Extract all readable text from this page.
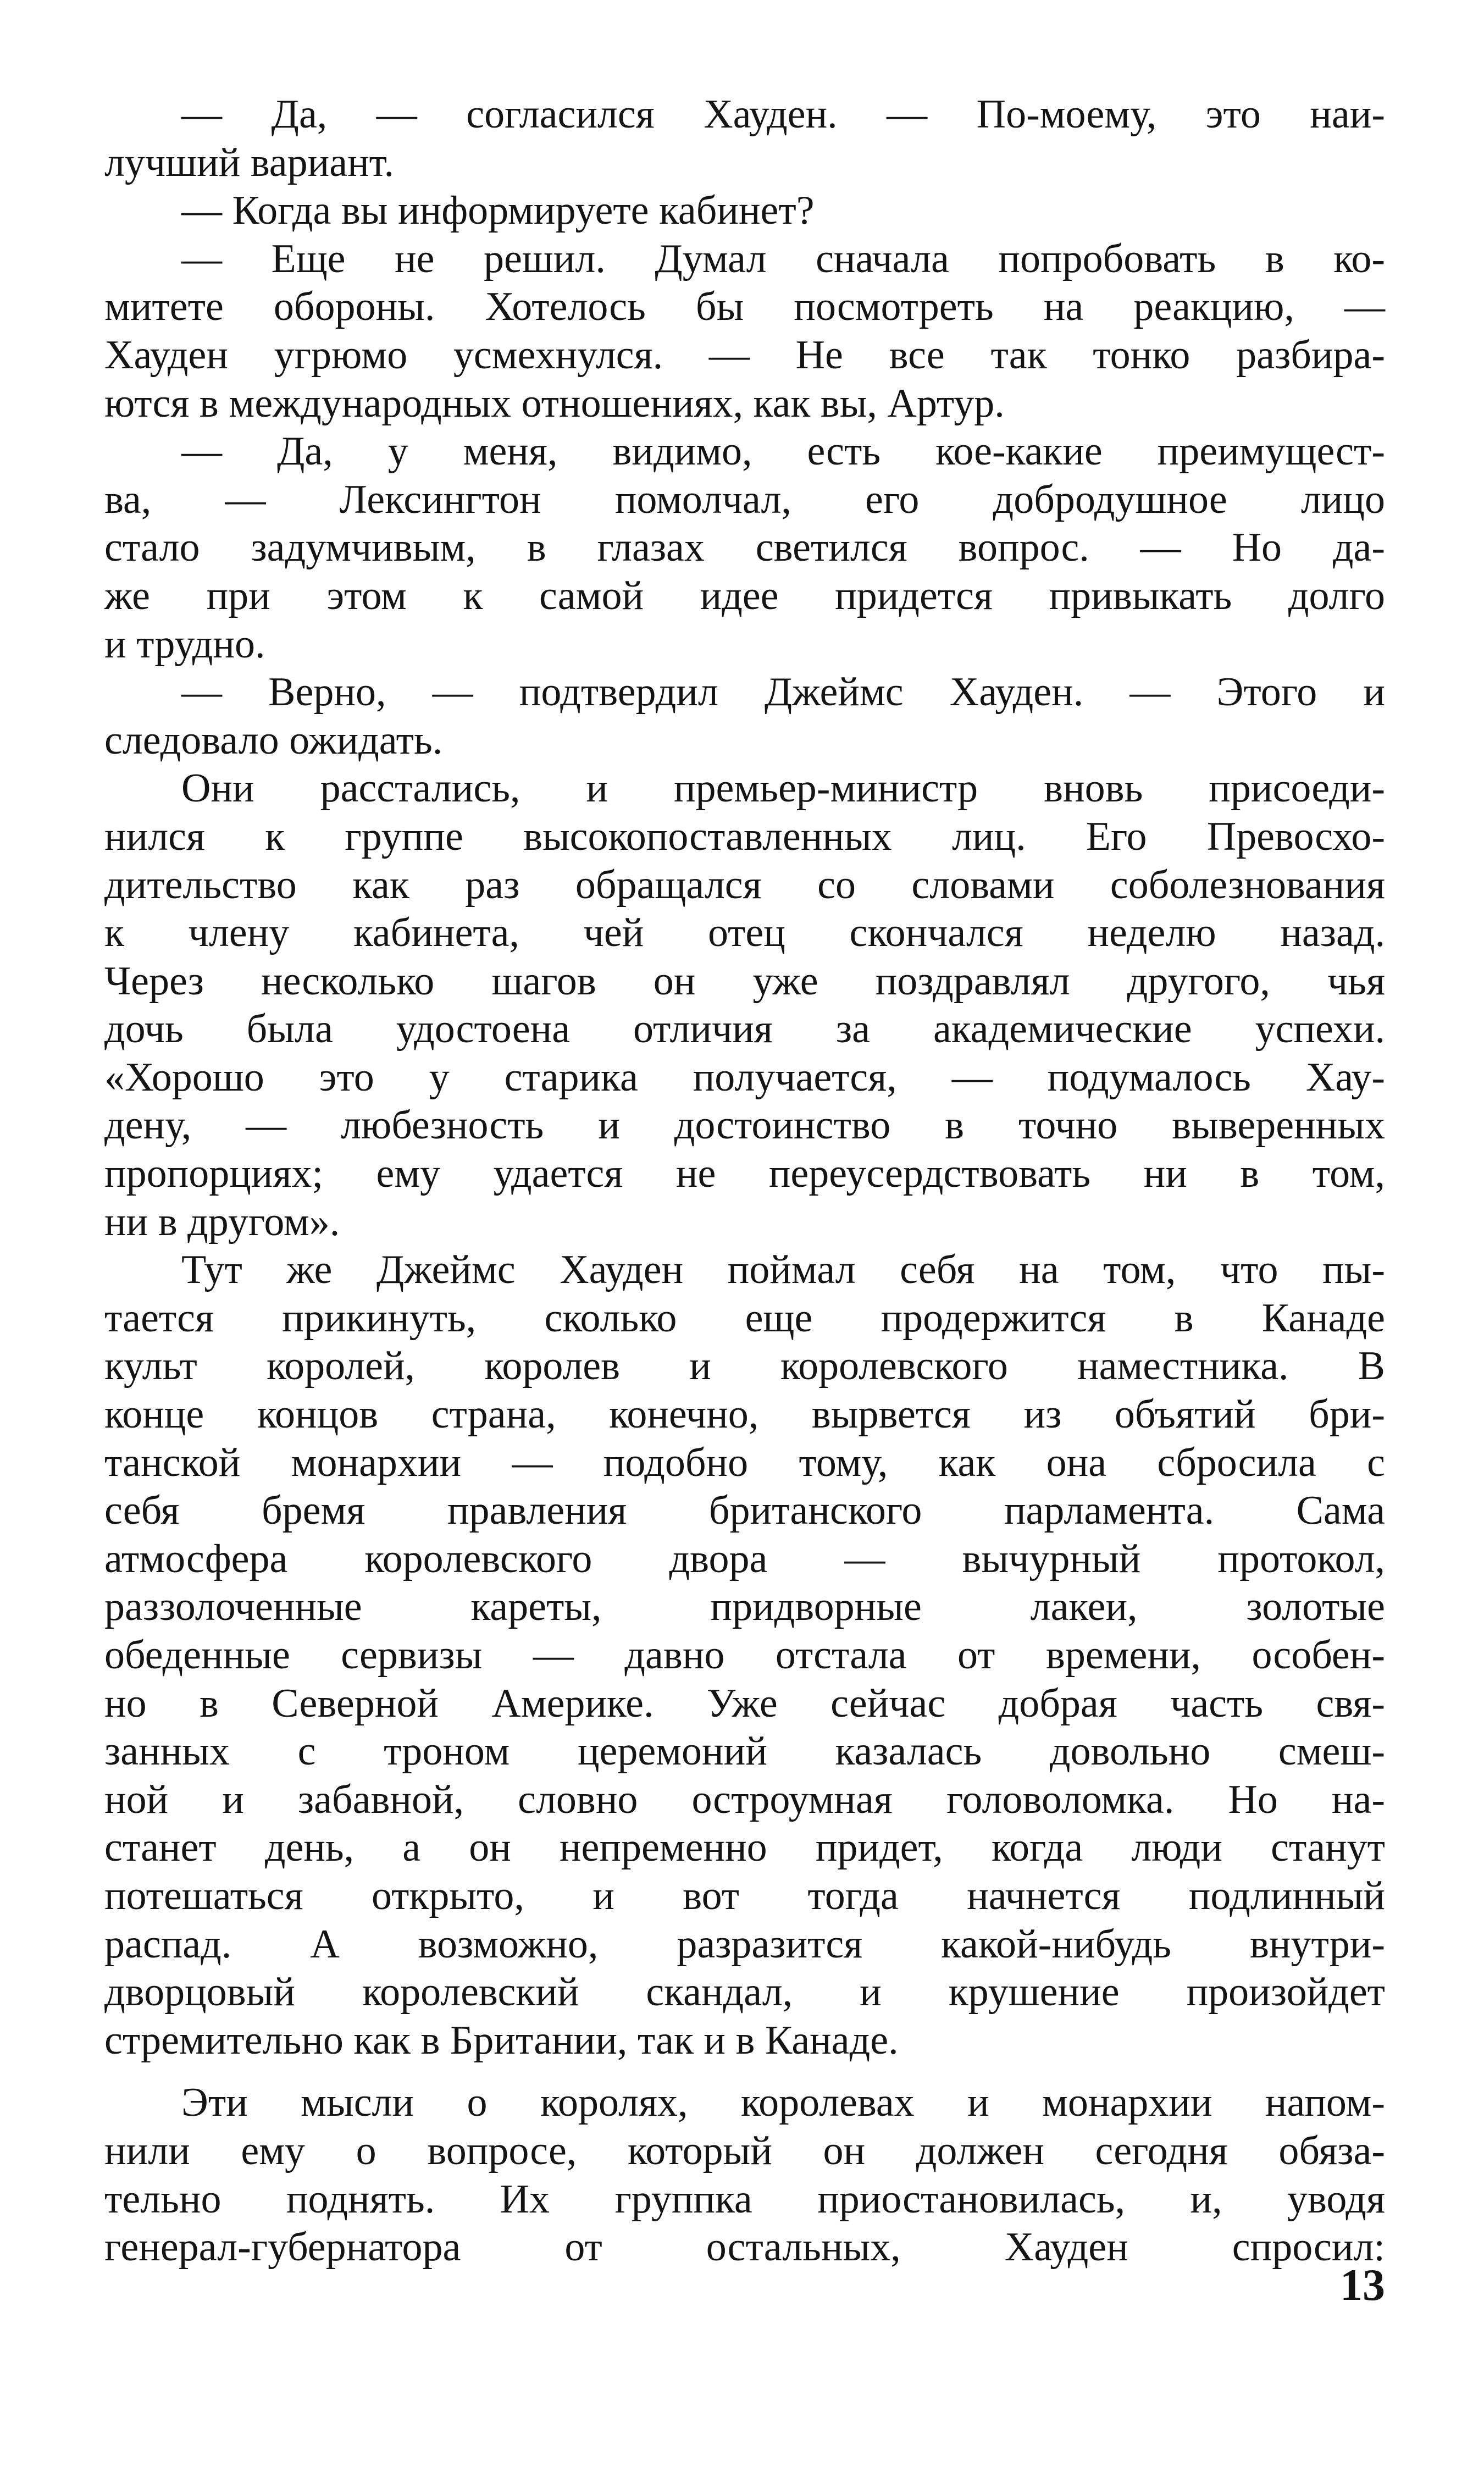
— Да, — согласился Хауден. — По-моему, это наи-
лучший вариант.
— Когда вы информируете кабинет?
— Еще не решил. Думал сначала попробовать в ко-
митете обороны. Хотелось бы посмотреть на реакцию, —
Хауден угрюмо усмехнулся. — Не все так тонко разбира-
ются в международных отношениях, как вы, Артур.
— Да, у меня, видимо, есть кое-какие преимущест-
ва, — Лексингтон помолчал, его добродушное лицо
стало задумчивым, в глазах светился вопрос. — Но да-
же при этом к самой идее придется привыкать долго
и трудно.
— Верно, — подтвердил Джеймс Хауден. — Этого и
следовало ожидать.
Они расстались, и премьер-министр вновь присоеди-
нился к группе высокопоставленных лиц. Его Превосхо-
дительство как раз обращался со словами соболезнования
к члену кабинета, чей отец скончался неделю назад.
Через несколько шагов он уже поздравлял другого, чья
дочь была удостоена отличия за академические успехи.
«Хорошо это у старика получается, — подумалось Хау-
дену, — любезность и достоинство в точно выверенных
пропорциях; ему удается не переусердствовать ни в том,
ни в другом».
Тут же Джеймс Хауден поймал себя на том, что пы-
тается прикинуть, сколько еще продержится в Канаде
культ королей, королев и королевского наместника. В
конце концов страна, конечно, вырвется из объятий бри-
танской монархии — подобно тому, как она сбросила с
себя бремя правления британского парламента. Сама
атмосфера королевского двора — вычурный протокол,
раззолоченные кареты, придворные лакеи, золотые
обеденные сервизы — давно отстала от времени, особен-
но в Северной Америке. Уже сейчас добрая часть свя-
занных с троном церемоний казалась довольно смеш-
ной и забавной, словно остроумная головоломка. Но на-
станет день, а он непременно придет, когда люди станут
потешаться открыто, и вот тогда начнется подлинный
распад. А возможно, разразится какой-нибудь внутри-
дворцовый королевский скандал, и крушение произойдет
стремительно как в Британии, так и в Канаде.
Эти мысли о королях, королевах и монархии напом-
нили ему о вопросе, который он должен сегодня обяза-
тельно поднять. Их группка приостановилась, и, уводя
генерал-губернатора от остальных, Хауден спросил:
13
